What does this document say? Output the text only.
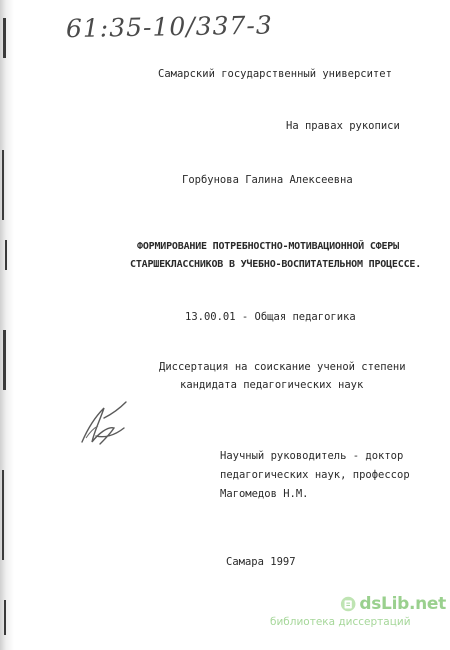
61:35-10/337-3
Самарский государственный университет
На правах рукописи
Горбунова Галина Алексеевна
ФОРМИРОВАНИЕ ПОТРЕБНОСТНО-МОТИВАЦИОННОЙ СФЕРЫ
СТАРШЕКЛАССНИКОВ В УЧЕБНО-ВОСПИТАТЕЛЬНОМ ПРОЦЕССЕ.
13.00.01 - Общая педагогика
Диссертация на соискание ученой степени
кандидата педагогических наук
Научный руководитель - доктор
педагогических наук, профессор
Магомедов Н.М.
Самара 1997
dsLib.net
библиотека диссертаций
